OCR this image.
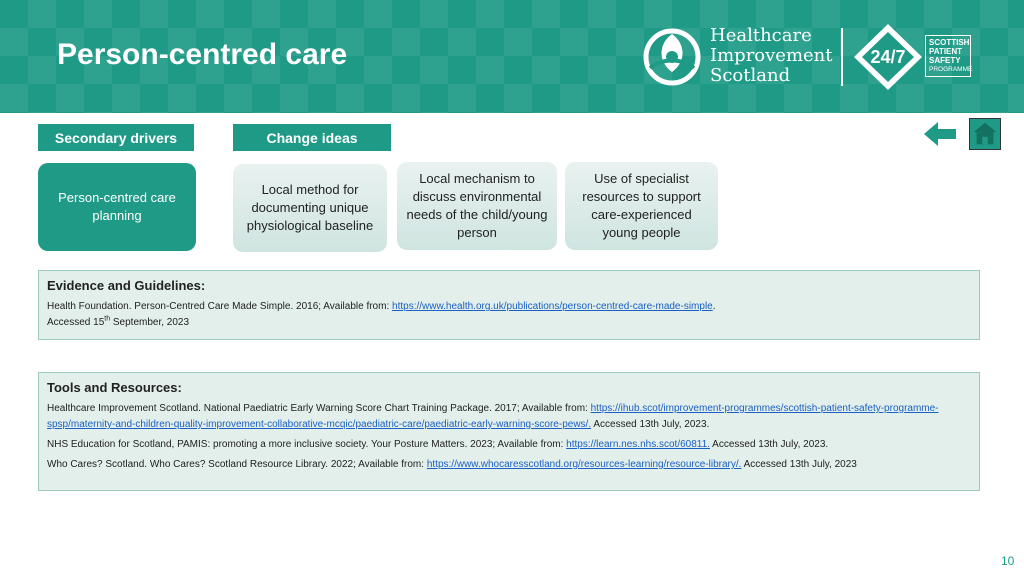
Person-centred care
Healthcare
Improvement
Scotland
24/7
SCOTTISH
PATIENT
SAFETY
PROGRAMME
Secondary drivers	Change ideas
Person-centred care planning
Local method for documenting unique physiological baseline
Local mechanism to discuss environmental needs of the child/young person
Use of specialist resources to support care-experienced young people
Evidence and Guidelines:
Health Foundation. Person-Centred Care Made Simple. 2016; Available from: https://www.health.org.uk/publications/person-centred-care-made-simple.
Accessed 15th September, 2023
Tools and Resources:
Healthcare Improvement Scotland. National Paediatric Early Warning Score Chart Training Package. 2017; Available from: https://ihub.scot/improvement-programmes/scottish-patient-safety-programme-spsp/maternity-and-children-quality-improvement-collaborative-mcqic/paediatric-care/paediatric-early-warning-score-pews/. Accessed 13th July, 2023.
NHS Education for Scotland, PAMIS: promoting a more inclusive society. Your Posture Matters. 2023; Available from: https://learn.nes.nhs.scot/60811. Accessed 13th July, 2023.
Who Cares? Scotland. Who Cares? Scotland Resource Library. 2022; Available from: https://www.whocaresscotland.org/resources-learning/resource-library/. Accessed 13th July, 2023
10
